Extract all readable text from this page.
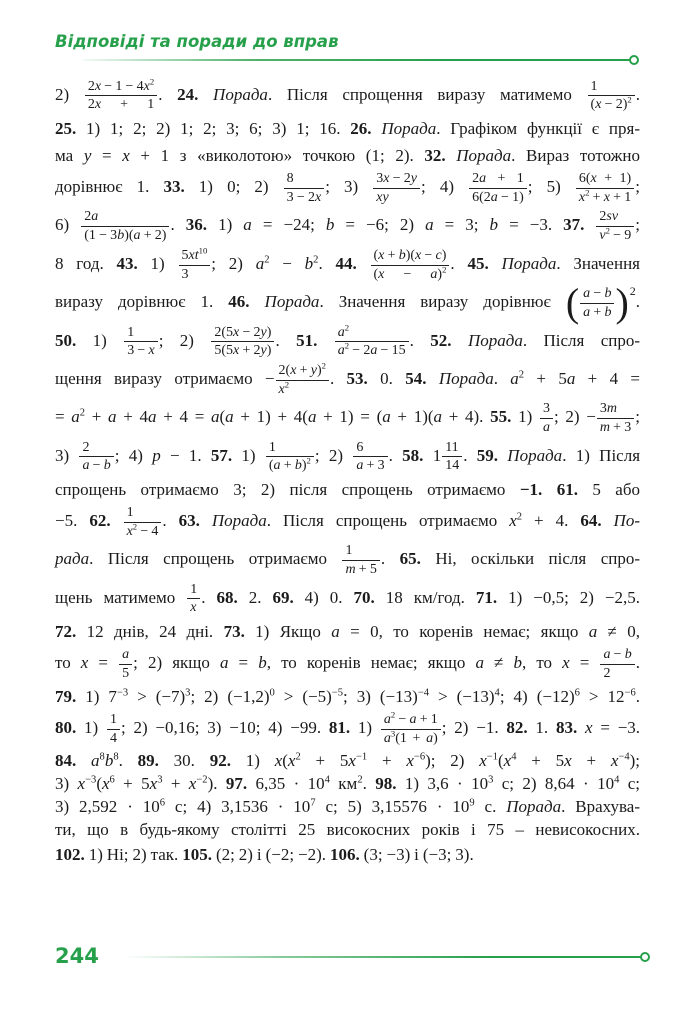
Відповіді та поради до вправ
$2) \frac{2x - 1 - 4x^2}{2x + 1}$ . 24. Порада. Після спрощення виразу матимемо $\frac{1}{(x - 2)^2}$ .
25. 1) 1; 2; 2) 1; 2; 3; 6; 3) 1; 16. 26. Порада. Графіком функції є пря-
ма y = x + 1 з «виколотою» точкою (1; 2). 32. Порада. Вираз тотожно
дорівнює 1. 33. 1) 0; $2) \frac{8}{3 - 2x}$ ; $3) \frac{3x - 2y}{xy}$ ; $4) \frac{2a + 1}{6(2a - 1)}$ ; $5) \frac{6(x + 1)}{x^2 + x + 1}$ ;
$6) \frac{2a}{(1 - 3b)(a + 2)}$ . 36. 1) a = −24; b = −6; 2) a = 3; b = −3. 37. $\frac{2sv}{v^2 - 9}$ ;
8 год. 43. $1) \frac{5xt^{10}}{3}$ ; 2) $a^2 - b^2$. 44. $\frac{(x + b)(x - c)}{(x - a)^2}$ . 45. Порада. Значення
виразу дорівнює 1. 46. Порада. Значення виразу дорівнює ( $\frac{a - b}{a + b} )^2$
.
50. $1) \frac{1}{3 - x}$ ; $2) \frac{2(5x - 2y)}{5(5x + 2y)}$ . 51. $\frac{a^2}{a^2 - 2a - 15}$ . 52. Порада. Після спро-
щення виразу отримаємо − $\frac{2(x + y)^2}{x^2}$ . 53. 0. 54. Порада. $a^2 + 5a + 4$ =
= $a^2 + a + 4a + 4 = a(a + 1) + 4(a + 1) = (a + 1)(a + 4)$. 55. $1) \frac{3}{a}$ ; $2) - \frac{3m}{m + 3}$ ;
$3) \frac{2}{a - b}$ ; 4) p − 1. 57. $1) \frac{1}{(a + b)^2}$ ; $2) \frac{6}{a + 3}$ . 58. $1 \frac{11}{14}$ . 59. Порада. 1) Після
спрощень отримаємо 3; 2) після спрощень отримаємо −1. 61. 5 або
−5. 62. $\frac{1}{x^2 - 4}$ . 63. Порада. Після спрощень отримаємо $x^2 + 4$. 64. По-
рада. Після спрощень отримаємо $\frac{1}{m + 5}$ . 65. Ні, оскільки після спро-
щень матимемо $\frac{1}{x}$ . 68. 2. 69. 4) 0. 70. 18 км/год. 71. 1) −0,5; 2) −2,5.
72. 12 днів, 24 дні. 73. 1) Якщо a = 0, то коренів немає; якщо a ≠ 0,
то $x = \frac{a}{5}$ ; 2) якщо a = b, то коренів немає; якщо a ≠ b, то $x = \frac{a - b}{2}$ .
79. 1) $7^{-3} > (-7)^3$; 2) $(-1,2)^0 > (-5)^{-5}$; 3) $(-13)^{-4} > (-13)^4$; 4) $(-12)^6 > 12^{-6}$.
80. $1) \frac{1}{4}$ ; 2) −0,16; 3) −10; 4) −99. 81. $1) \frac{a^2 - a + 1}{a^3(1 + a)}$ ; 2) −1. 82. 1. 83. x = −3.
84. $a^8b^8$. 89. 30. 92. 1) $x(x^2 + 5x^{-1} + x^{-6})$; 2) $x^{-1}(x^4 + 5x + x^{-4})$;
3) $x^{-3}(x^6 + 5x^3 + x^{-2})$. 97. $6,35 \cdot 10^4$ $км^2$. 98. 1) $3,6 \cdot 10^3$ с; 2) $8,64 \cdot 10^4$ с;
3) $2,592 \cdot 10^6$ с; 4) $3,1536 \cdot 10^7$ с; 5) $3,15576 \cdot 10^9$ с. Порада. Врахува-
ти, що в будь-якому столітті 25 високосних років і 75 – невисокосних.
102. 1) Ні; 2) так. 105. (2; 2) і (−2; −2). 106. (3; −3) і (−3; 3).
244
